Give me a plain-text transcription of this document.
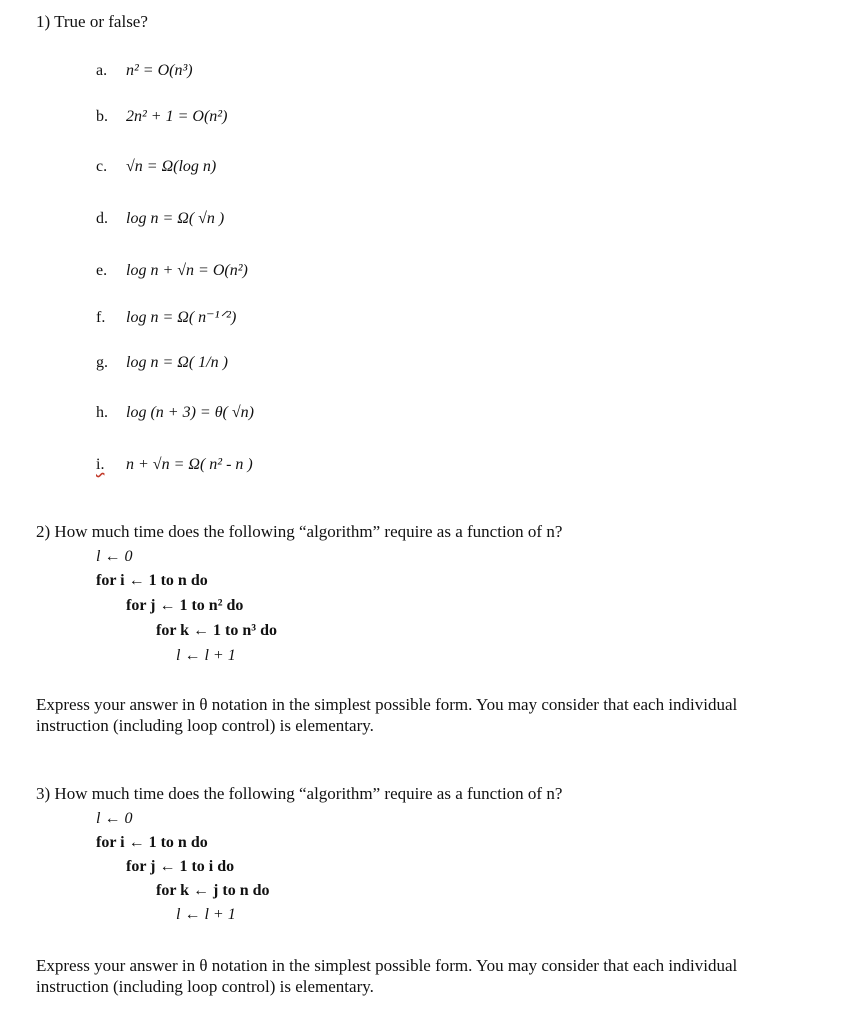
1) True or false?
a. n² = O(n³)
b. 2n² + 1 = O(n²)
c. √n = Ω(log n)
d. log n = Ω( √n )
e. log n + √n = O(n²)
f. log n = Ω( n⁻¹ᐟ²)
g. log n = Ω( 1/n )
h. log (n + 3) = θ( √n)
i. n + √n = Ω( n² - n )
2) How much time does the following “algorithm” require as a function of n?
l ← 0
for i ← 1 to n do
for j ← 1 to n² do
for k ← 1 to n³ do
l ← l + 1
Express your answer in θ notation in the simplest possible form. You may consider that each individual instruction (including loop control) is elementary.
3) How much time does the following “algorithm” require as a function of n?
l ← 0
for i ← 1 to n do
for j ← 1 to i do
for k ← j to n do
l ← l + 1
Express your answer in θ notation in the simplest possible form. You may consider that each individual instruction (including loop control) is elementary.
